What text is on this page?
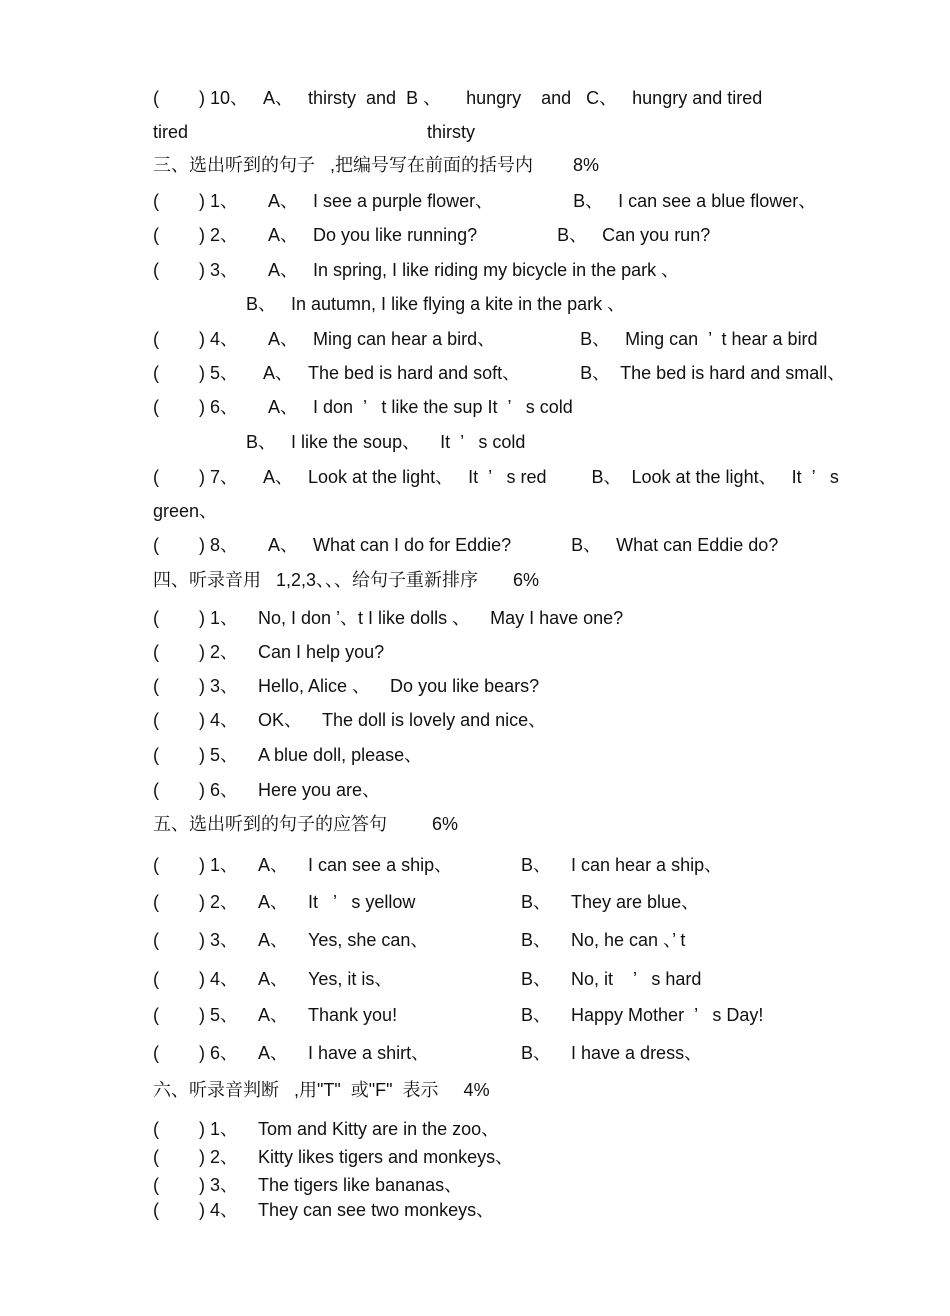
(        ) 10、   A、   thirsty  and  B 、     hungry    and   C、   hungry and tired
tired	thirsty
三、选出听到的句子   ,把编号写在前面的括号内        8%
(        ) 1、      A、   I see a purple flower、                B、   I can see a blue flower、
(        ) 2、      A、   Do you like running?                B、   Can you run?
(        ) 3、      A、   In spring, I like riding my bicycle in the park 、
B、   In autumn, I like flying a kite in the park 、
(        ) 4、      A、   Ming can hear a bird、                 B、   Ming can  ’  t hear a bird
(        ) 5、     A、   The bed is hard and soft、            B、  The bed is hard and small、
(        ) 6、      A、   I don  ’   t like the sup It  ’   s cold
B、   I like the soup、    It  ’   s cold
(        ) 7、     A、   Look at the light、   It  ’   s red         B、  Look at the light、   It  ’   s
green、
(        ) 8、      A、   What can I do for Eddie?            B、   What can Eddie do?
四、听录音用   1,2,3、、、给句子重新排序       6%
(        ) 1、    No, I don ’、t I like dolls 、    May I have one?
(        ) 2、    Can I help you?
(        ) 3、    Hello, Alice 、    Do you like bears?
(        ) 4、    OK、    The doll is lovely and nice、
(        ) 5、    A blue doll, please、
(        ) 6、    Here you are、
五、选出听到的句子的应答句         6%
(        ) 1、    A、    I can see a ship、	B、    I can hear a ship、
(        ) 2、    A、    It   ’   s yellow	B、    They are blue、
(        ) 3、    A、    Yes, she can、	B、    No, he can 、’ t
(        ) 4、    A、    Yes, it is、	B、    No, it    ’   s hard
(        ) 5、    A、    Thank you!	B、    Happy Mother  ’   s Day!
(        ) 6、    A、    I have a shirt、	B、    I have a dress、
六、听录音判断   ,用"T"  或"F"  表示     4%
(        ) 1、    Tom and Kitty are in the zoo、
(        ) 2、    Kitty likes tigers and monkeys、
(        ) 3、    The tigers like bananas、
(        ) 4、    They can see two monkeys、
